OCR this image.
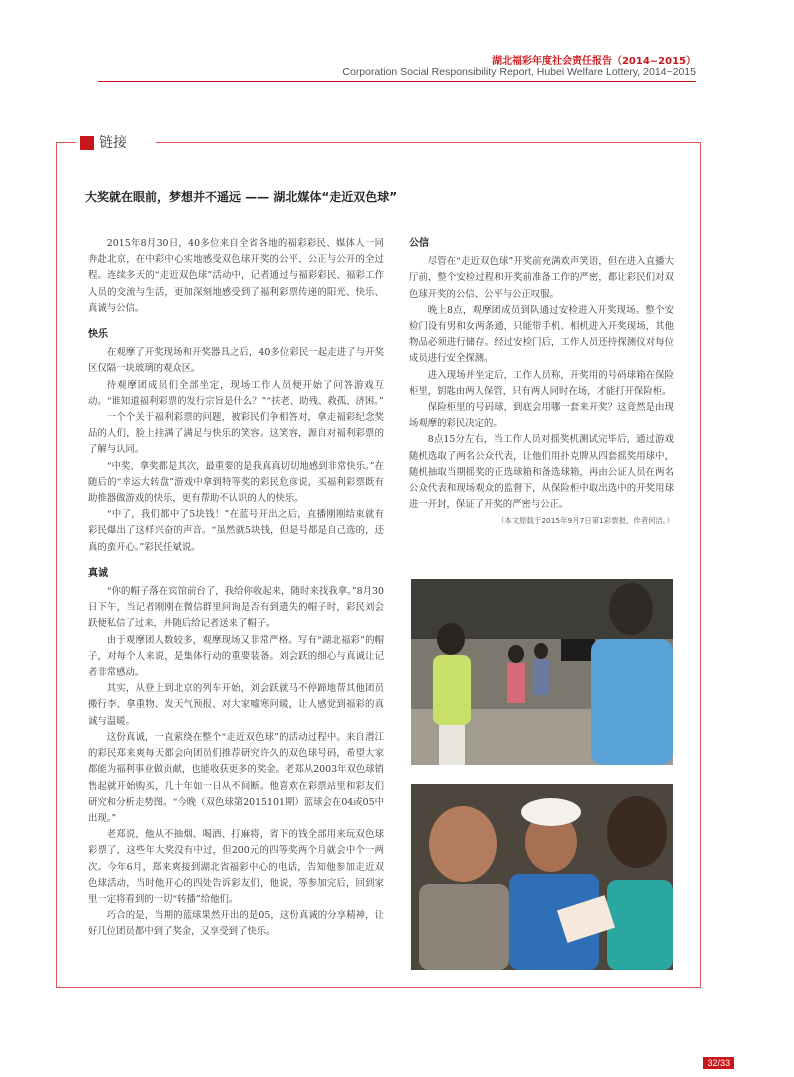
湖北福彩年度社会责任报告（2014~2015）
Corporation Social Responsibility Report, Hubei Welfare Lottery, 2014~2015
链接
大奖就在眼前，梦想并不遥远 —— 湖北媒体“走近双色球”

2015年8月30日，40多位来自全省各地的福彩彩民、媒体人一同奔赴北京，在中彩中心实地感受双色球开奖的公平、公正与公开的全过程。连续多天的“走近双色球”活动中，记者通过与福彩彩民、福彩工作人员的交流与生活，更加深刻地感受到了福利彩票传递的阳光、快乐、真诚与公信。

快乐

在观摩了开奖现场和开奖器具之后，40多位彩民一起走进了与开奖区仅隔一块玻璃的观众区。

待观摩团成员们全部坐定，现场工作人员便开始了问答游戏互动。“谁知道福利彩票的发行宗旨是什么？”“扶老、助残、救孤、济困。”

一个个关于福利彩票的问题，被彩民们争相答对，拿走福彩纪念奖品的人们，脸上挂满了满足与快乐的笑容。这笑容，源自对福利彩票的了解与认同。

“中奖、拿奖都是其次，最重要的是我真真切切地感到非常快乐。”在随后的“幸运大转盘”游戏中拿到特等奖的彩民危彦说，买福利彩票既有助推器做游戏的快乐，更有帮助不认识的人的快乐。

“中了，我们都中了5块钱！”在蓝号开出之后，直播刚刚结束就有彩民爆出了这样兴奋的声音。“虽然就5块钱，但是号都是自己选的，还真的蛮开心。”彩民任斌说。

真诚

“你的帽子落在宾馆前台了，我给你收起来，随时来找我拿。”8月30日下午，当记者刚刚在微信群里问询是否有到遗失的帽子时，彩民刘会跃便私信了过来，并随后给记者送来了帽子。

由于观摩团人数较多，观摩现场又非常严格。写有“湖北福彩”的帽子，对每个人来说，是集体行动的重要装备。刘会跃的细心与真诚让记者非常感动。

其实，从登上到北京的列车开始，刘会跃就马不停蹄地帮其他团员搬行李、拿重物、发天气预报、对大家嘘寒问暖，让人感觉到福彩的真诚与温暖。

这份真诚，一直萦绕在整个“走近双色球”的活动过程中。来自潜江的彩民郑来爽每天都会向团员们推荐研究许久的双色球号码，希望大家都能为福利事业做贡献，也能收获更多的奖金。老郑从2003年双色球销售起就开始购买，几十年如一日从不间断。他喜欢在彩票站里和彩友们研究和分析走势图。“今晚（双色球第2015101期）蓝球会在04或05中出现。”

老郑说，他从不抽烟、喝酒、打麻将，省下的钱全部用来玩双色球彩票了，这些年大奖没有中过，但200元的四等奖两个月就会中个一两次。今年6月，郑来爽接到湖北省福彩中心的电话，告知他参加走近双色球活动，当时他开心的四处告诉彩友们，他说，等参加完后，回到家里一定将看到的一切“转播”给他们。

巧合的是，当期的蓝球果然开出的是05，这份真诚的分享精神，让好几位团员都中到了奖金，又享受到了快乐。

公信

尽管在“走近双色球”开奖前充满欢声笑语，但在进入直播大厅前，整个安检过程和开奖前准备工作的严密，都让彩民们对双色球开奖的公信、公平与公正叹服。

晚上8点，观摩团成员到队通过安检进入开奖现场。整个安检门设有男和女两条通，只能带手机、相机进入开奖现场，其他物品必须进行储存。经过安检门后，工作人员还持探测仪对每位成员进行安全探测。

进入现场并坐定后，工作人员称，开奖用的号码球箱在保险柜里，钥匙由两人保管，只有两人同时在场，才能打开保险柜。

保险柜里的号码球，到底会用哪一套来开奖？这竟然是由现场观摩的彩民决定的。

8点15分左右，当工作人员对摇奖机测试完毕后，通过游戏随机选取了两名公众代表，让他们用扑克牌从四套摇奖用球中，随机抽取当期摇奖的正选球箱和备选球箱，再由公证人员在两名公众代表和现场观众的监督下，从保险柜中取出选中的开奖用球进一开封，保证了开奖的严密与公正。

（本文原载于2015年9月7日第1彩票报，作者何洁。）

32/33
